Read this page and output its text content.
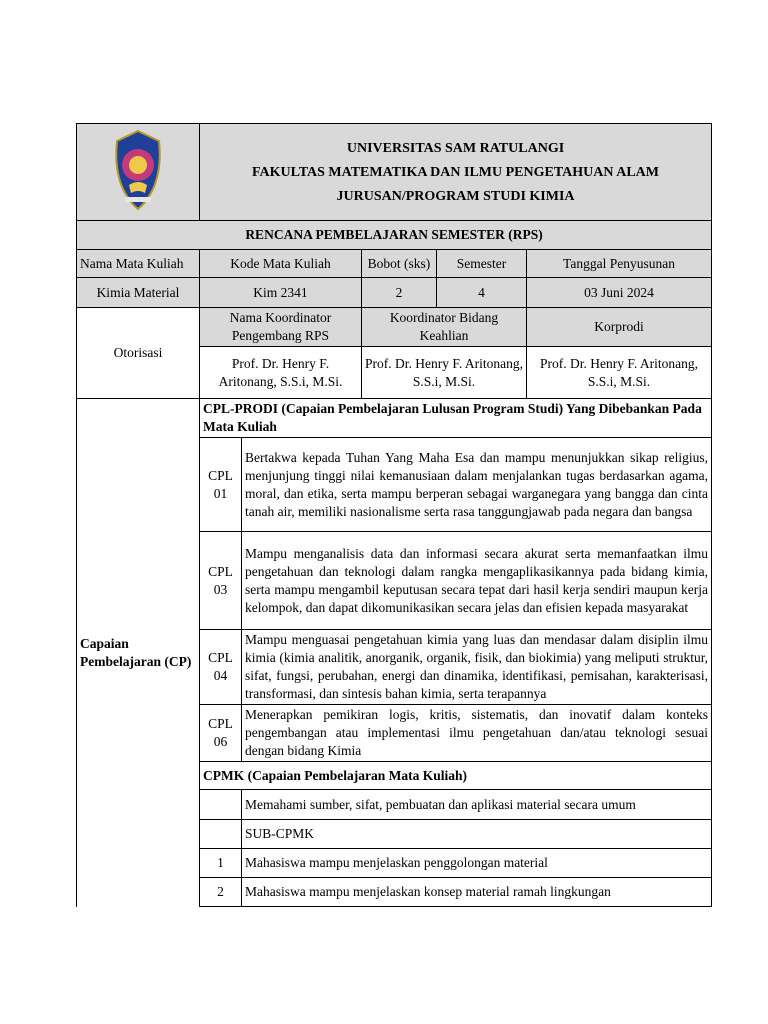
UNIVERSITAS SAM RATULANGI
FAKULTAS MATEMATIKA DAN ILMU PENGETAHUAN ALAM
JURUSAN/PROGRAM STUDI KIMIA				

RENCANA PEMBELAJARAN SEMESTER (RPS)					
Nama Mata Kuliah	Kode Mata Kuliah		Bobot (sks)	Semester	Tanggal Penyusunan
Kimia Material	Kim 2341		2	4	03 Juni 2024
Otorisasi	Nama Koordinator Pengembang RPS		Koordinator Bidang Keahlian		Korprodi
	Prof. Dr. Henry F. Aritonang, S.S.i, M.Si.		Prof. Dr. Henry F. Aritonang, S.S.i, M.Si.		Prof. Dr. Henry F. Aritonang, S.S.i, M.Si.
Capaian Pembelajaran (CP)	CPL-PRODI (Capaian Pembelajaran Lulusan Program Studi) Yang Dibebankan Pada Mata Kuliah				
	CPL 01	Bertakwa kepada Tuhan Yang Maha Esa dan mampu menunjukkan sikap religius, menjunjung tinggi nilai kemanusiaan dalam menjalankan tugas berdasarkan agama, moral, dan etika, serta mampu berperan sebagai warganegara yang bangga dan cinta tanah air, memiliki nasionalisme serta rasa tanggungjawab pada negara dan bangsa			
	CPL 03	Mampu menganalisis data dan informasi secara akurat serta memanfaatkan ilmu pengetahuan dan teknologi dalam rangka mengaplikasikannya pada bidang kimia, serta mampu mengambil keputusan secara tepat dari hasil kerja sendiri maupun kerja kelompok, dan dapat dikomunikasikan secara jelas dan efisien kepada masyarakat			
	CPL 04	Mampu menguasai pengetahuan kimia yang luas dan mendasar dalam disiplin ilmu kimia (kimia analitik, anorganik, organik, fisik, dan biokimia) yang meliputi struktur, sifat, fungsi, perubahan, energi dan dinamika, identifikasi, pemisahan, karakterisasi, transformasi, dan sintesis bahan kimia, serta terapannya			
	CPL 06	Menerapkan pemikiran logis, kritis, sistematis, dan inovatif dalam konteks pengembangan atau implementasi ilmu pengetahuan dan/atau teknologi sesuai dengan bidang Kimia			
	CPMK (Capaian Pembelajaran Mata Kuliah)				
		Memahami sumber, sifat, pembuatan dan aplikasi material secara umum			
		SUB-CPMK			
	1	Mahasiswa mampu menjelaskan penggolongan material			
	2	Mahasiswa mampu menjelaskan konsep material ramah lingkungan			
